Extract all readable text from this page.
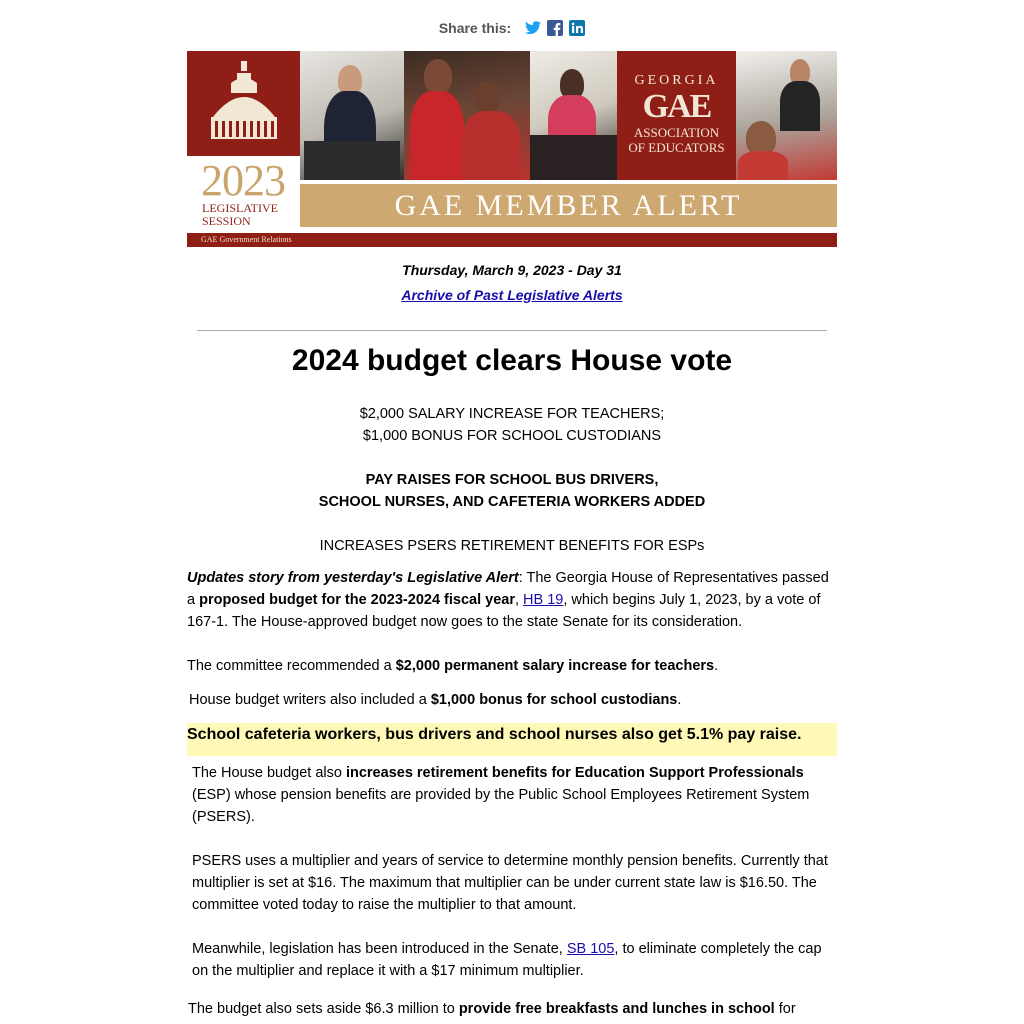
Share this:
2023
LEGISLATIVE
SESSION
GEORGIA
GAE
ASSOCIATION
OF EDUCATORS
GAE MEMBER ALERT
GAE Government Relations
Thursday, March 9, 2023 - Day 31
Archive of Past Legislative Alerts
2024 budget clears House vote
$2,000 SALARY INCREASE FOR TEACHERS;
$1,000 BONUS FOR SCHOOL CUSTODIANS
PAY RAISES FOR SCHOOL BUS DRIVERS,
SCHOOL NURSES, AND CAFETERIA WORKERS ADDED
INCREASES PSERS RETIREMENT BENEFITS FOR ESPs
Updates story from yesterday's Legislative Alert: The Georgia House of Representatives passed a proposed budget for the 2023-2024 fiscal year, HB 19, which begins July 1, 2023, by a vote of 167-1. The House-approved budget now goes to the state Senate for its consideration.
The committee recommended a $2,000 permanent salary increase for teachers.
House budget writers also included a $1,000 bonus for school custodians.
School cafeteria workers, bus drivers and school nurses also get 5.1% pay raise.
The House budget also increases retirement benefits for Education Support Professionals (ESP) whose pension benefits are provided by the Public School Employees Retirement System (PSERS).
PSERS uses a multiplier and years of service to determine monthly pension benefits. Currently that multiplier is set at $16. The maximum that multiplier can be under current state law is $16.50. The committee voted today to raise the multiplier to that amount.
Meanwhile, legislation has been introduced in the Senate, SB 105, to eliminate completely the cap on the multiplier and replace it with a $17 minimum multiplier.
The budget also sets aside $6.3 million to provide free breakfasts and lunches in school for
